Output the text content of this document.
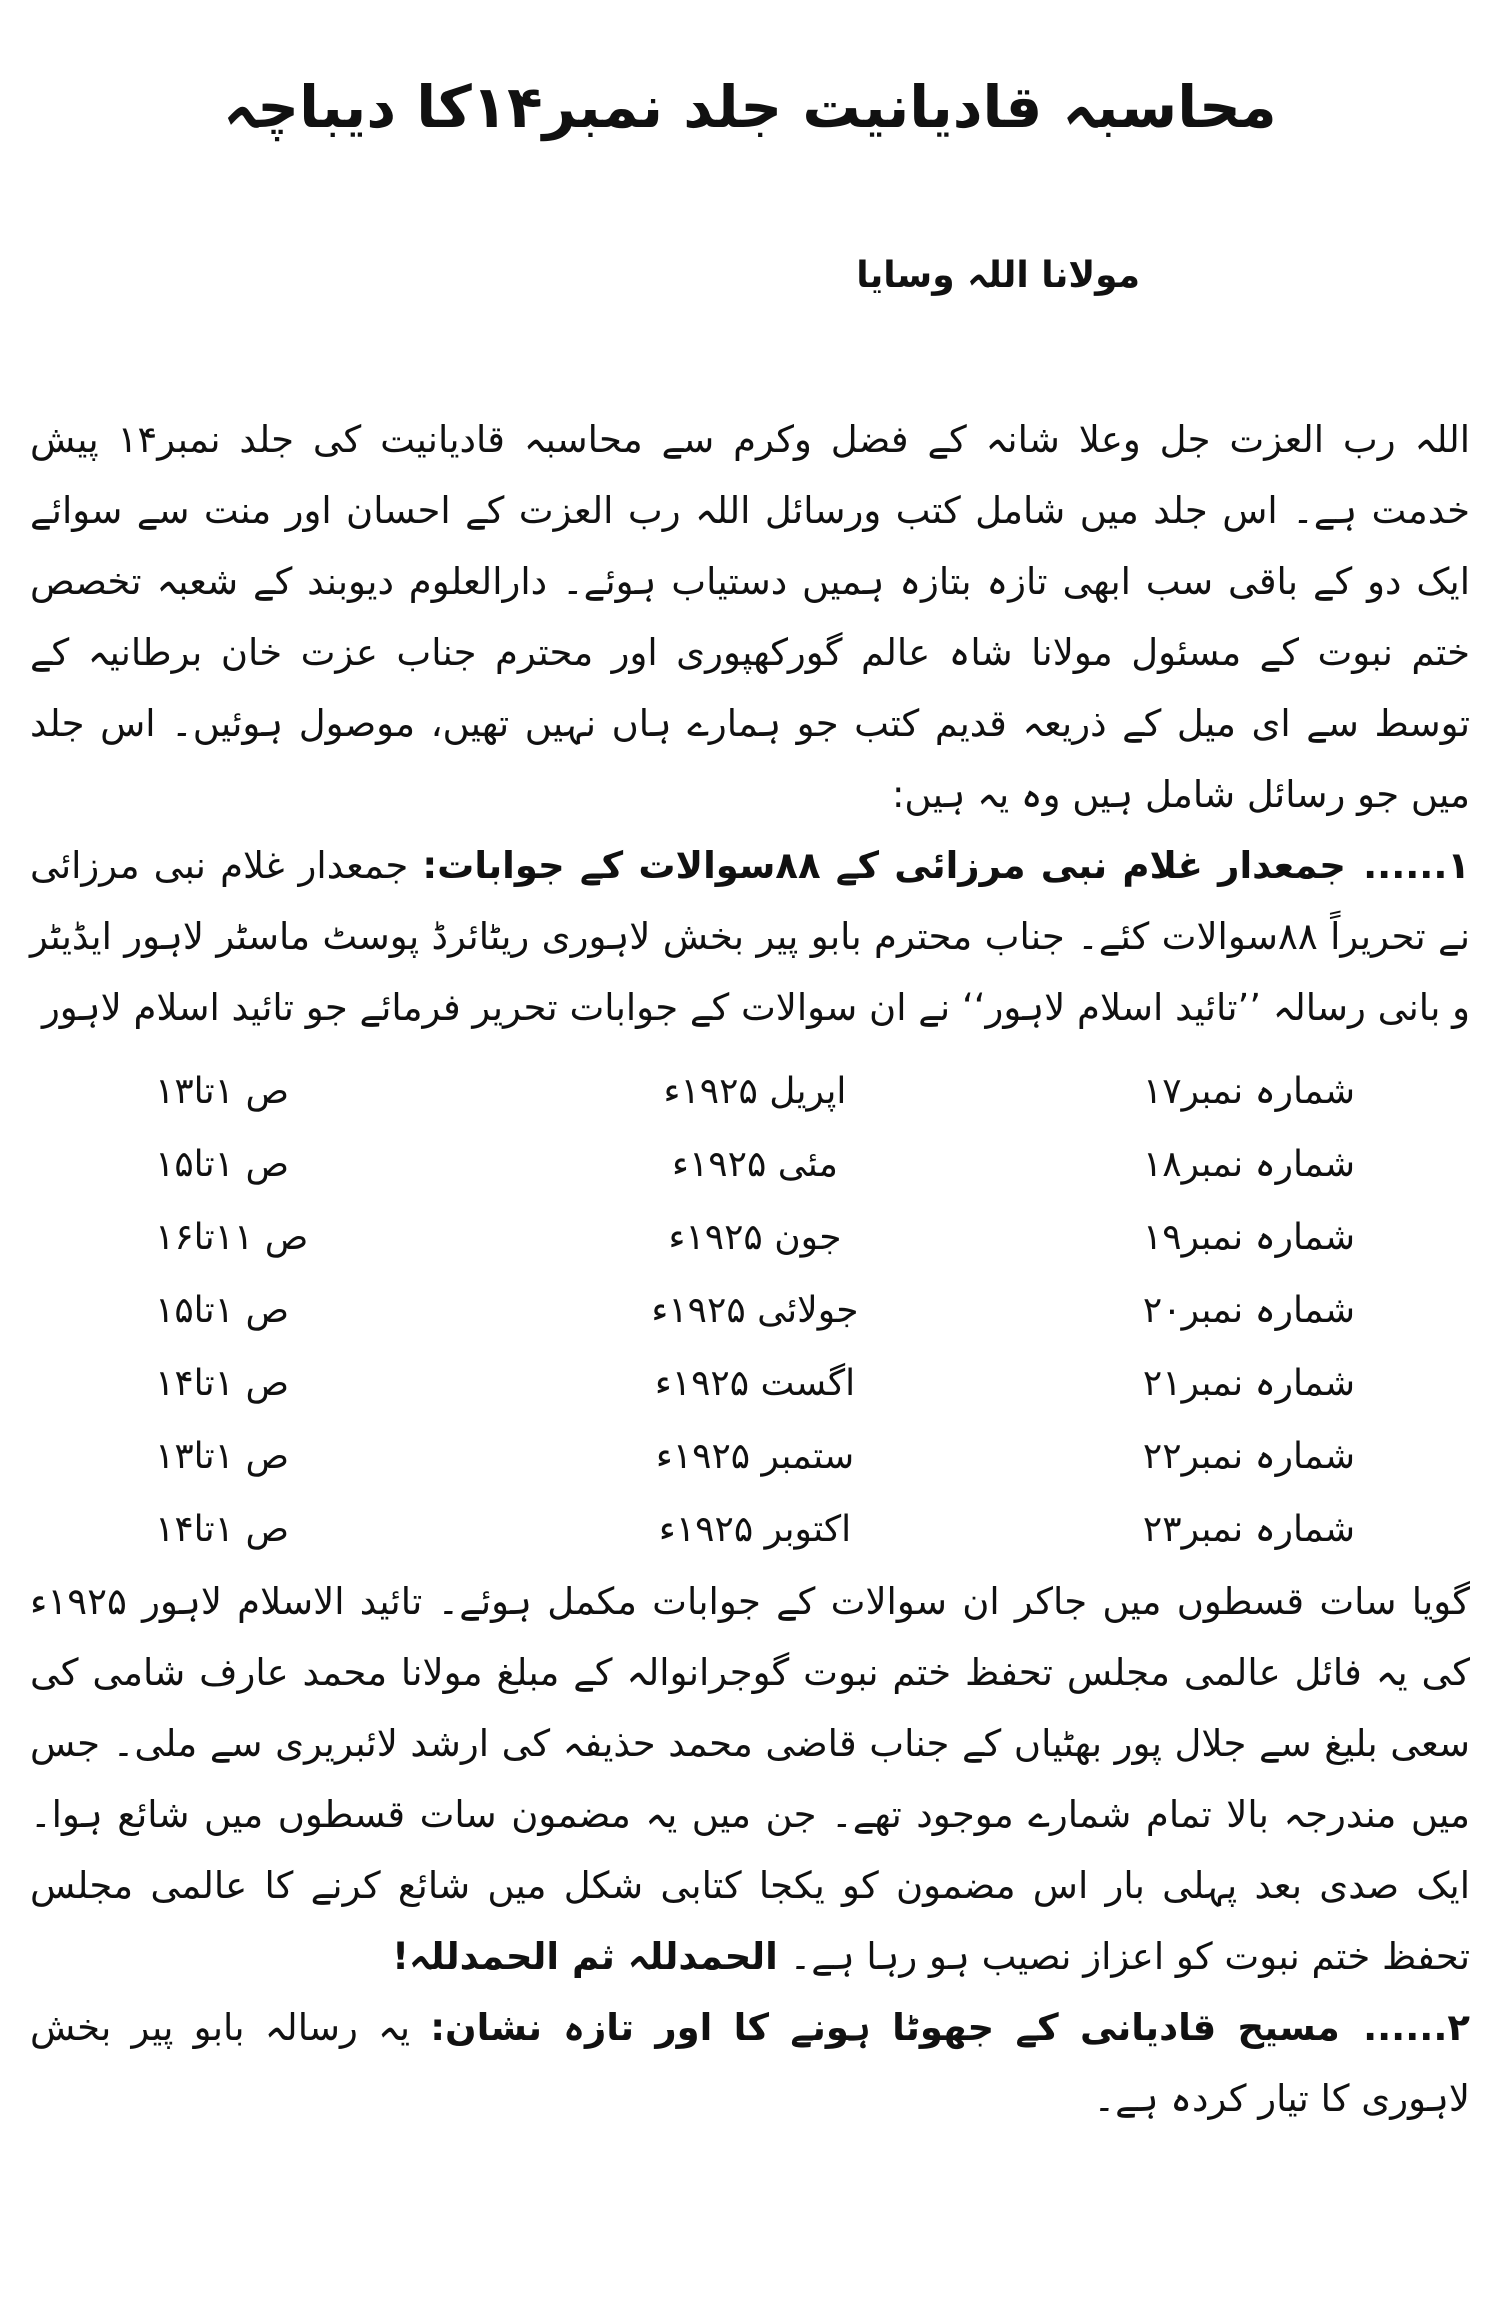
محاسبہ قادیانیت جلد نمبر۱۴کا دیباچہ
مولانا اللہ وسایا

اللہ رب العزت جل وعلا شانہ کے فضل وکرم سے محاسبہ قادیانیت کی جلد نمبر۱۴ پیش خدمت ہے۔ اس جلد میں شامل کتب ورسائل اللہ رب العزت کے احسان اور منت سے سوائے ایک دو کے باقی سب ابھی تازہ بتازہ ہمیں دستیاب ہوئے۔ دارالعلوم دیوبند کے شعبہ تخصص ختم نبوت کے مسئول مولانا شاہ عالم گورکھپوری اور محترم جناب عزت خان برطانیہ کے توسط سے ای میل کے ذریعہ قدیم کتب جو ہمارے ہاں نہیں تھیں، موصول ہوئیں۔ اس جلد میں جو رسائل شامل ہیں وہ یہ ہیں:

۱...... جمعدار غلام نبی مرزائی کے ۸۸سوالات کے جوابات: جمعدار غلام نبی مرزائی نے تحریراً ۸۸سوالات کئے۔ جناب محترم بابو پیر بخش لاہوری ریٹائرڈ پوسٹ ماسٹر لاہور ایڈیٹر و بانی رسالہ ’’تائید اسلام لاہور‘‘ نے ان سوالات کے جوابات تحریر فرمائے جو تائید اسلام لاہور

شمارہ نمبر۱۷	اپریل ۱۹۲۵ء	ص ۱تا۱۳
شمارہ نمبر۱۸	مئی ۱۹۲۵ء	ص ۱تا۱۵
شمارہ نمبر۱۹	جون ۱۹۲۵ء	ص ۱۱تا۱۶
شمارہ نمبر۲۰	جولائی ۱۹۲۵ء	ص ۱تا۱۵
شمارہ نمبر۲۱	اگست ۱۹۲۵ء	ص ۱تا۱۴
شمارہ نمبر۲۲	ستمبر ۱۹۲۵ء	ص ۱تا۱۳
شمارہ نمبر۲۳	اکتوبر ۱۹۲۵ء	ص ۱تا۱۴

گویا سات قسطوں میں جاکر ان سوالات کے جوابات مکمل ہوئے۔ تائید الاسلام لاہور ۱۹۲۵ء کی یہ فائل عالمی مجلس تحفظ ختم نبوت گوجرانوالہ کے مبلغ مولانا محمد عارف شامی کی سعی بلیغ سے جلال پور بھٹیاں کے جناب قاضی محمد حذیفہ کی ارشد لائبریری سے ملی۔ جس میں مندرجہ بالا تمام شمارے موجود تھے۔ جن میں یہ مضمون سات قسطوں میں شائع ہوا۔ ایک صدی بعد پہلی بار اس مضمون کو یکجا کتابی شکل میں شائع کرنے کا عالمی مجلس تحفظ ختم نبوت کو اعزاز نصیب ہو رہا ہے۔ الحمدللہ ثم الحمدللہ!

۲...... مسیح قادیانی کے جھوٹا ہونے کا اور تازہ نشان: یہ رسالہ بابو پیر بخش لاہوری کا تیار کردہ ہے۔
